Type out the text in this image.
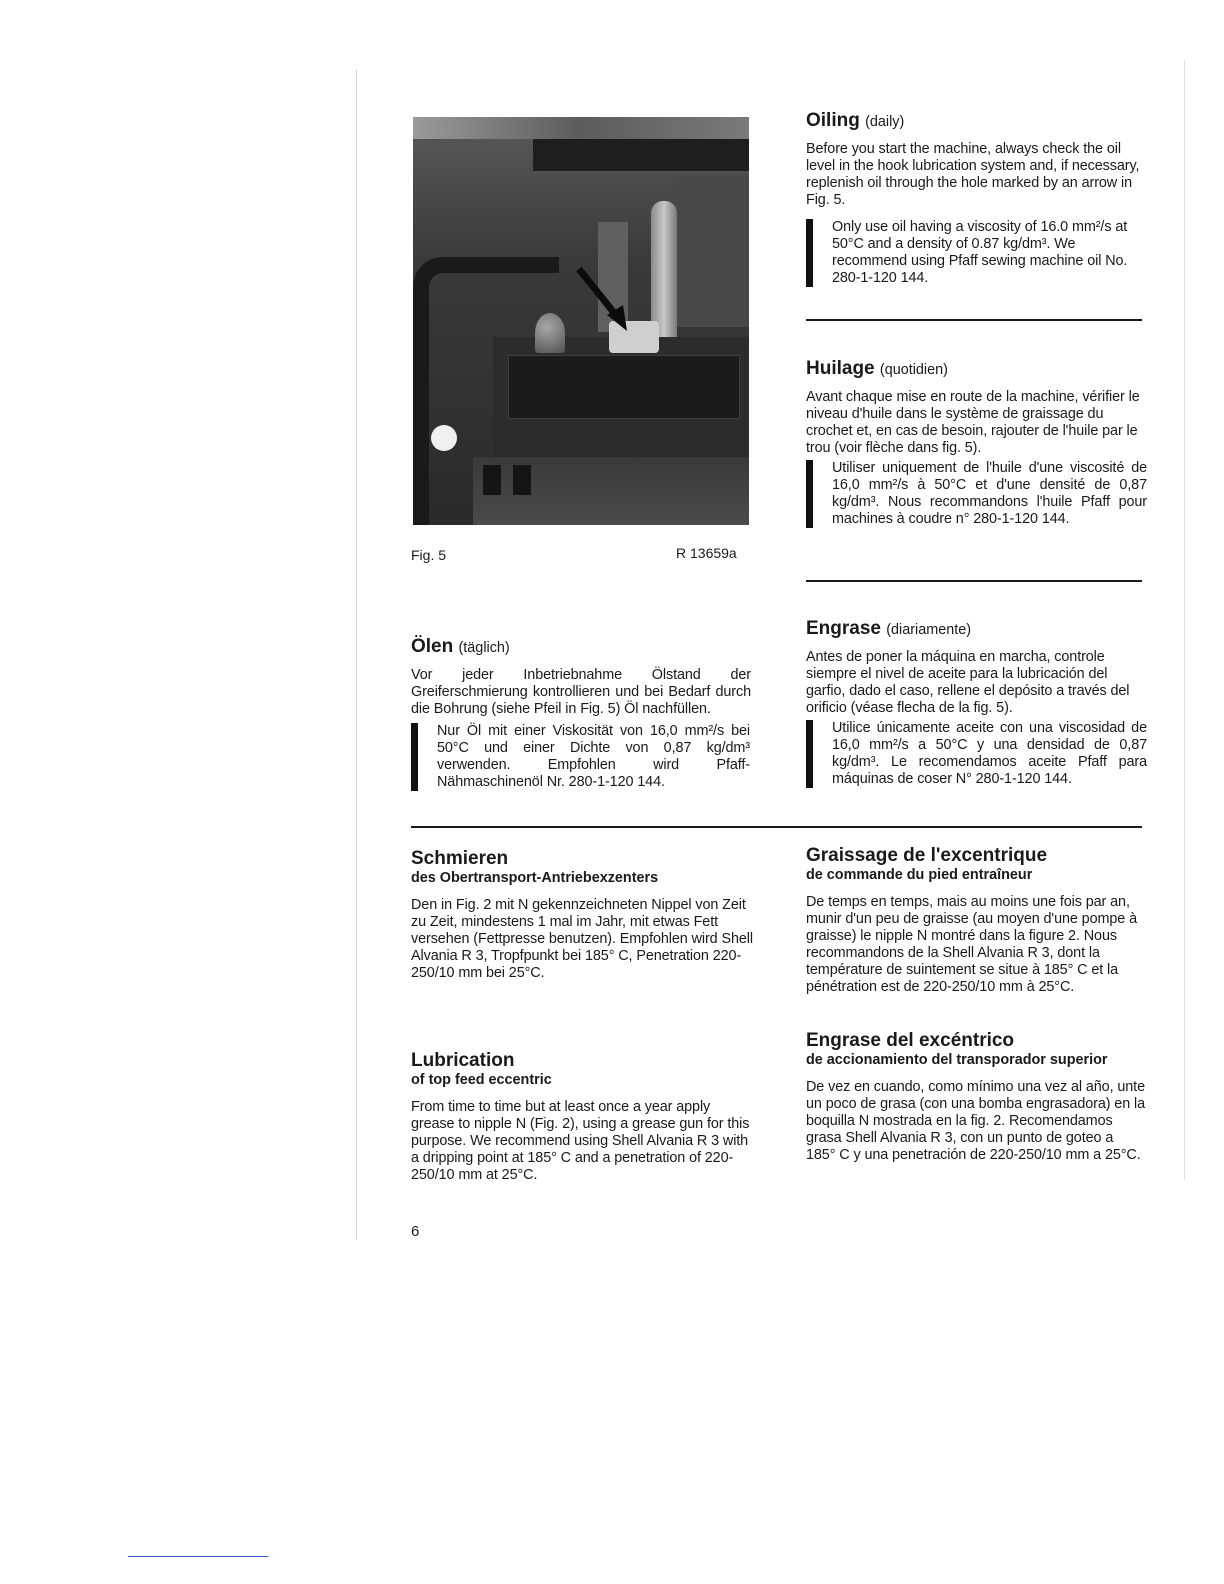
Fig. 5	R 13659a
Oiling (daily)

Before you start the machine, always check the oil level in the hook lubrication system and, if necessary, replenish oil through the hole marked by an arrow in Fig. 5.

Only use oil having a viscosity of 16.0 mm²/s at 50°C and a density of 0.87 kg/dm³. We recommend using Pfaff sewing machine oil No. 280-1-120 144.
Huilage (quotidien)

Avant chaque mise en route de la machine, vérifier le niveau d'huile dans le système de graissage du crochet et, en cas de besoin, rajouter de l'huile par le trou (voir flèche dans fig. 5).

Utiliser uniquement de l'huile d'une viscosité de 16,0 mm²/s à 50°C et d'une densité de 0,87 kg/dm³. Nous recommandons l'huile Pfaff pour machines à coudre n° 280-1-120 144.
Engrase (diariamente)

Antes de poner la máquina en marcha, controle siempre el nivel de aceite para la lubricación del garfio, dado el caso, rellene el depósito a través del orificio (véase flecha de la fig. 5).

Utilice únicamente aceite con una viscosidad de 16,0 mm²/s a 50°C y una densidad de 0,87 kg/dm³. Le recomendamos aceite Pfaff para máquinas de coser N° 280-1-120 144.
Ölen (täglich)

Vor jeder Inbetriebnahme Ölstand der Greiferschmierung kontrollieren und bei Bedarf durch die Bohrung (siehe Pfeil in Fig. 5) Öl nachfüllen.

Nur Öl mit einer Viskosität von 16,0 mm²/s bei 50°C und einer Dichte von 0,87 kg/dm³ verwenden. Empfohlen wird Pfaff-Nähmaschinenöl Nr. 280-1-120 144.
Schmieren
des Obertransport-Antriebexzenters

Den in Fig. 2 mit N gekennzeichneten Nippel von Zeit zu Zeit, mindestens 1 mal im Jahr, mit etwas Fett versehen (Fettpresse benutzen). Empfohlen wird Shell Alvania R 3, Tropfpunkt bei 185° C, Penetration 220-250/10 mm bei 25°C.

Lubrication
of top feed eccentric

From time to time but at least once a year apply grease to nipple N (Fig. 2), using a grease gun for this purpose. We recommend using Shell Alvania R 3 with a dripping point at 185° C and a penetration of 220-250/10 mm at 25°C.

Graissage de l'excentrique
de commande du pied entraîneur

De temps en temps, mais au moins une fois par an, munir d'un peu de graisse (au moyen d'une pompe à graisse) le nipple N montré dans la figure 2. Nous recommandons de la Shell Alvania R 3, dont la température de suintement se situe à 185° C et la pénétration est de 220-250/10 mm à 25°C.

Engrase del excéntrico
de accionamiento del transporador superior

De vez en cuando, como mínimo una vez al año, unte un poco de grasa (con una bomba engrasadora) en la boquilla N mostrada en la fig. 2. Recomendamos grasa Shell Alvania R 3, con un punto de goteo a 185° C y una penetración de 220-250/10 mm a 25°C.

6
